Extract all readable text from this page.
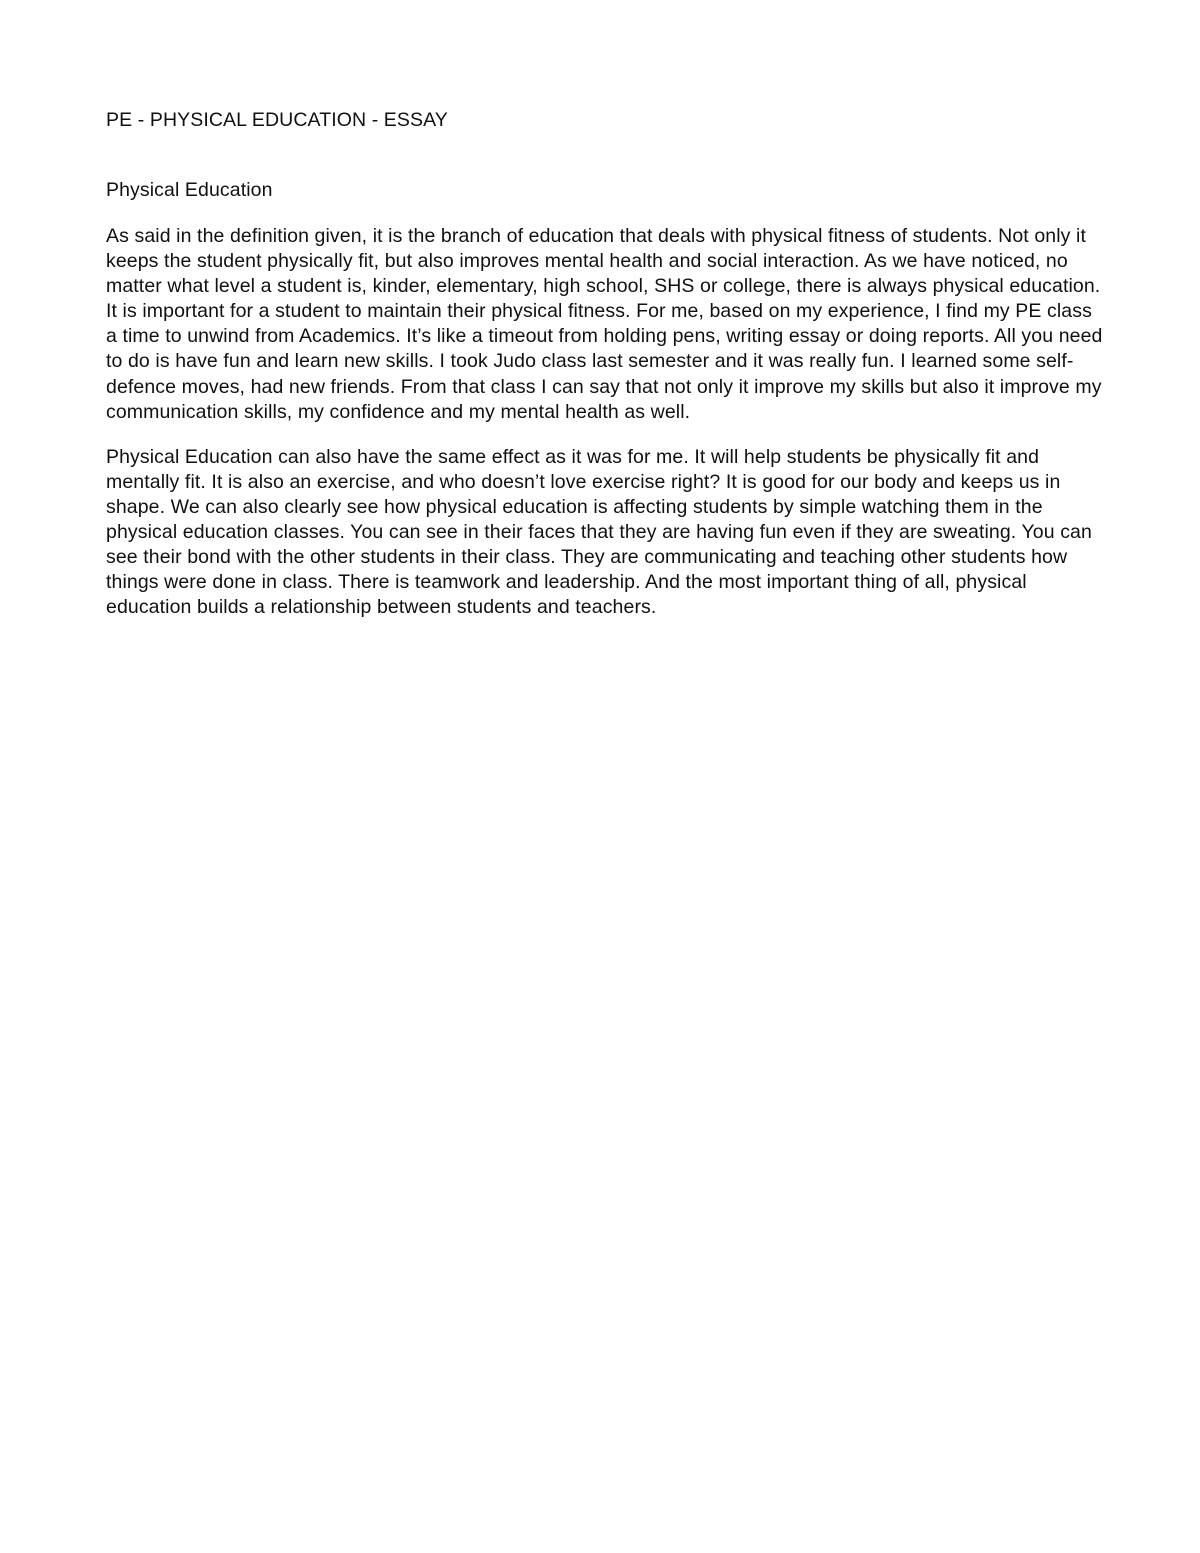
PE - PHYSICAL EDUCATION - ESSAY
Physical Education

As said in the definition given, it is the branch of education that deals with physical fitness of students. Not only it keeps the student physically fit, but also improves mental health and social interaction. As we have noticed, no matter what level a student is, kinder, elementary, high school, SHS or college, there is always physical education. It is important for a student to maintain their physical fitness. For me, based on my experience, I find my PE class a time to unwind from Academics. It’s like a timeout from holding pens, writing essay or doing reports. All you need to do is have fun and learn new skills. I took Judo class last semester and it was really fun. I learned some self-defence moves, had new friends. From that class I can say that not only it improve my skills but also it improve my communication skills, my confidence and my mental health as well.

Physical Education can also have the same effect as it was for me. It will help students be physically fit and mentally fit. It is also an exercise, and who doesn’t love exercise right? It is good for our body and keeps us in shape. We can also clearly see how physical education is affecting students by simple watching them in the physical education classes. You can see in their faces that they are having fun even if they are sweating. You can see their bond with the other students in their class. They are communicating and teaching other students how things were done in class. There is teamwork and leadership. And the most important thing of all, physical education builds a relationship between students and teachers.
